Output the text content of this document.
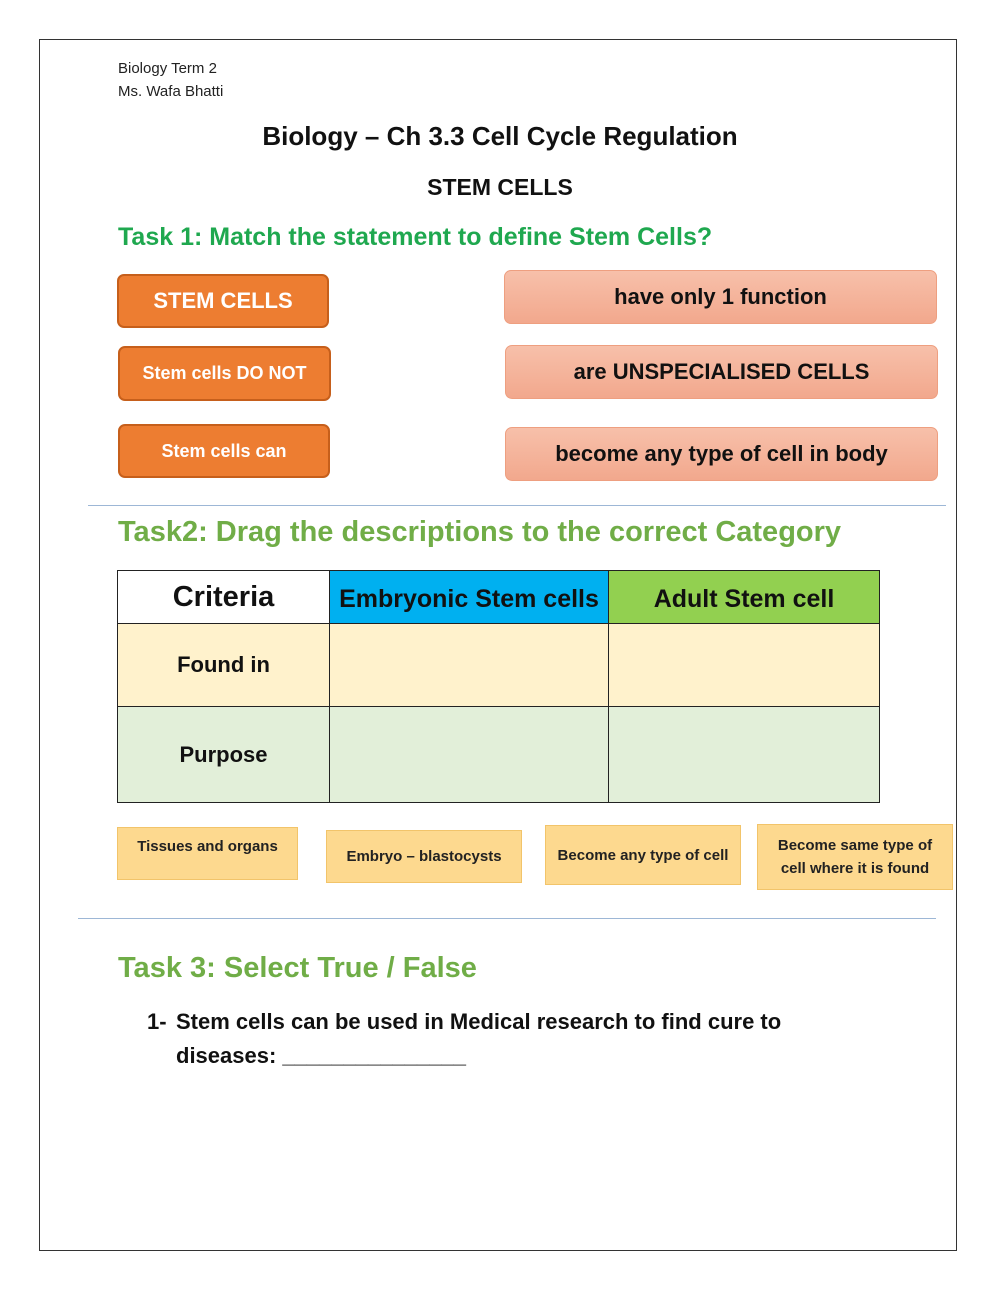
Biology Term 2
Ms. Wafa Bhatti
Biology – Ch 3.3 Cell Cycle Regulation
STEM CELLS
Task 1: Match the statement to define Stem Cells?
STEM CELLS
Stem cells DO NOT
Stem cells can
have only 1 function
are UNSPECIALISED CELLS
become any type of cell in body
Task2: Drag the descriptions to the correct Category
Criteria	Embryonic Stem cells	Adult Stem cell
Found in		
Purpose		
Tissues and organs
Embryo – blastocysts	Become any type of cell
Become same type of cell where it is found
Task 3: Select True / False
1- Stem cells can be used in Medical research to find cure to
diseases: _______________
